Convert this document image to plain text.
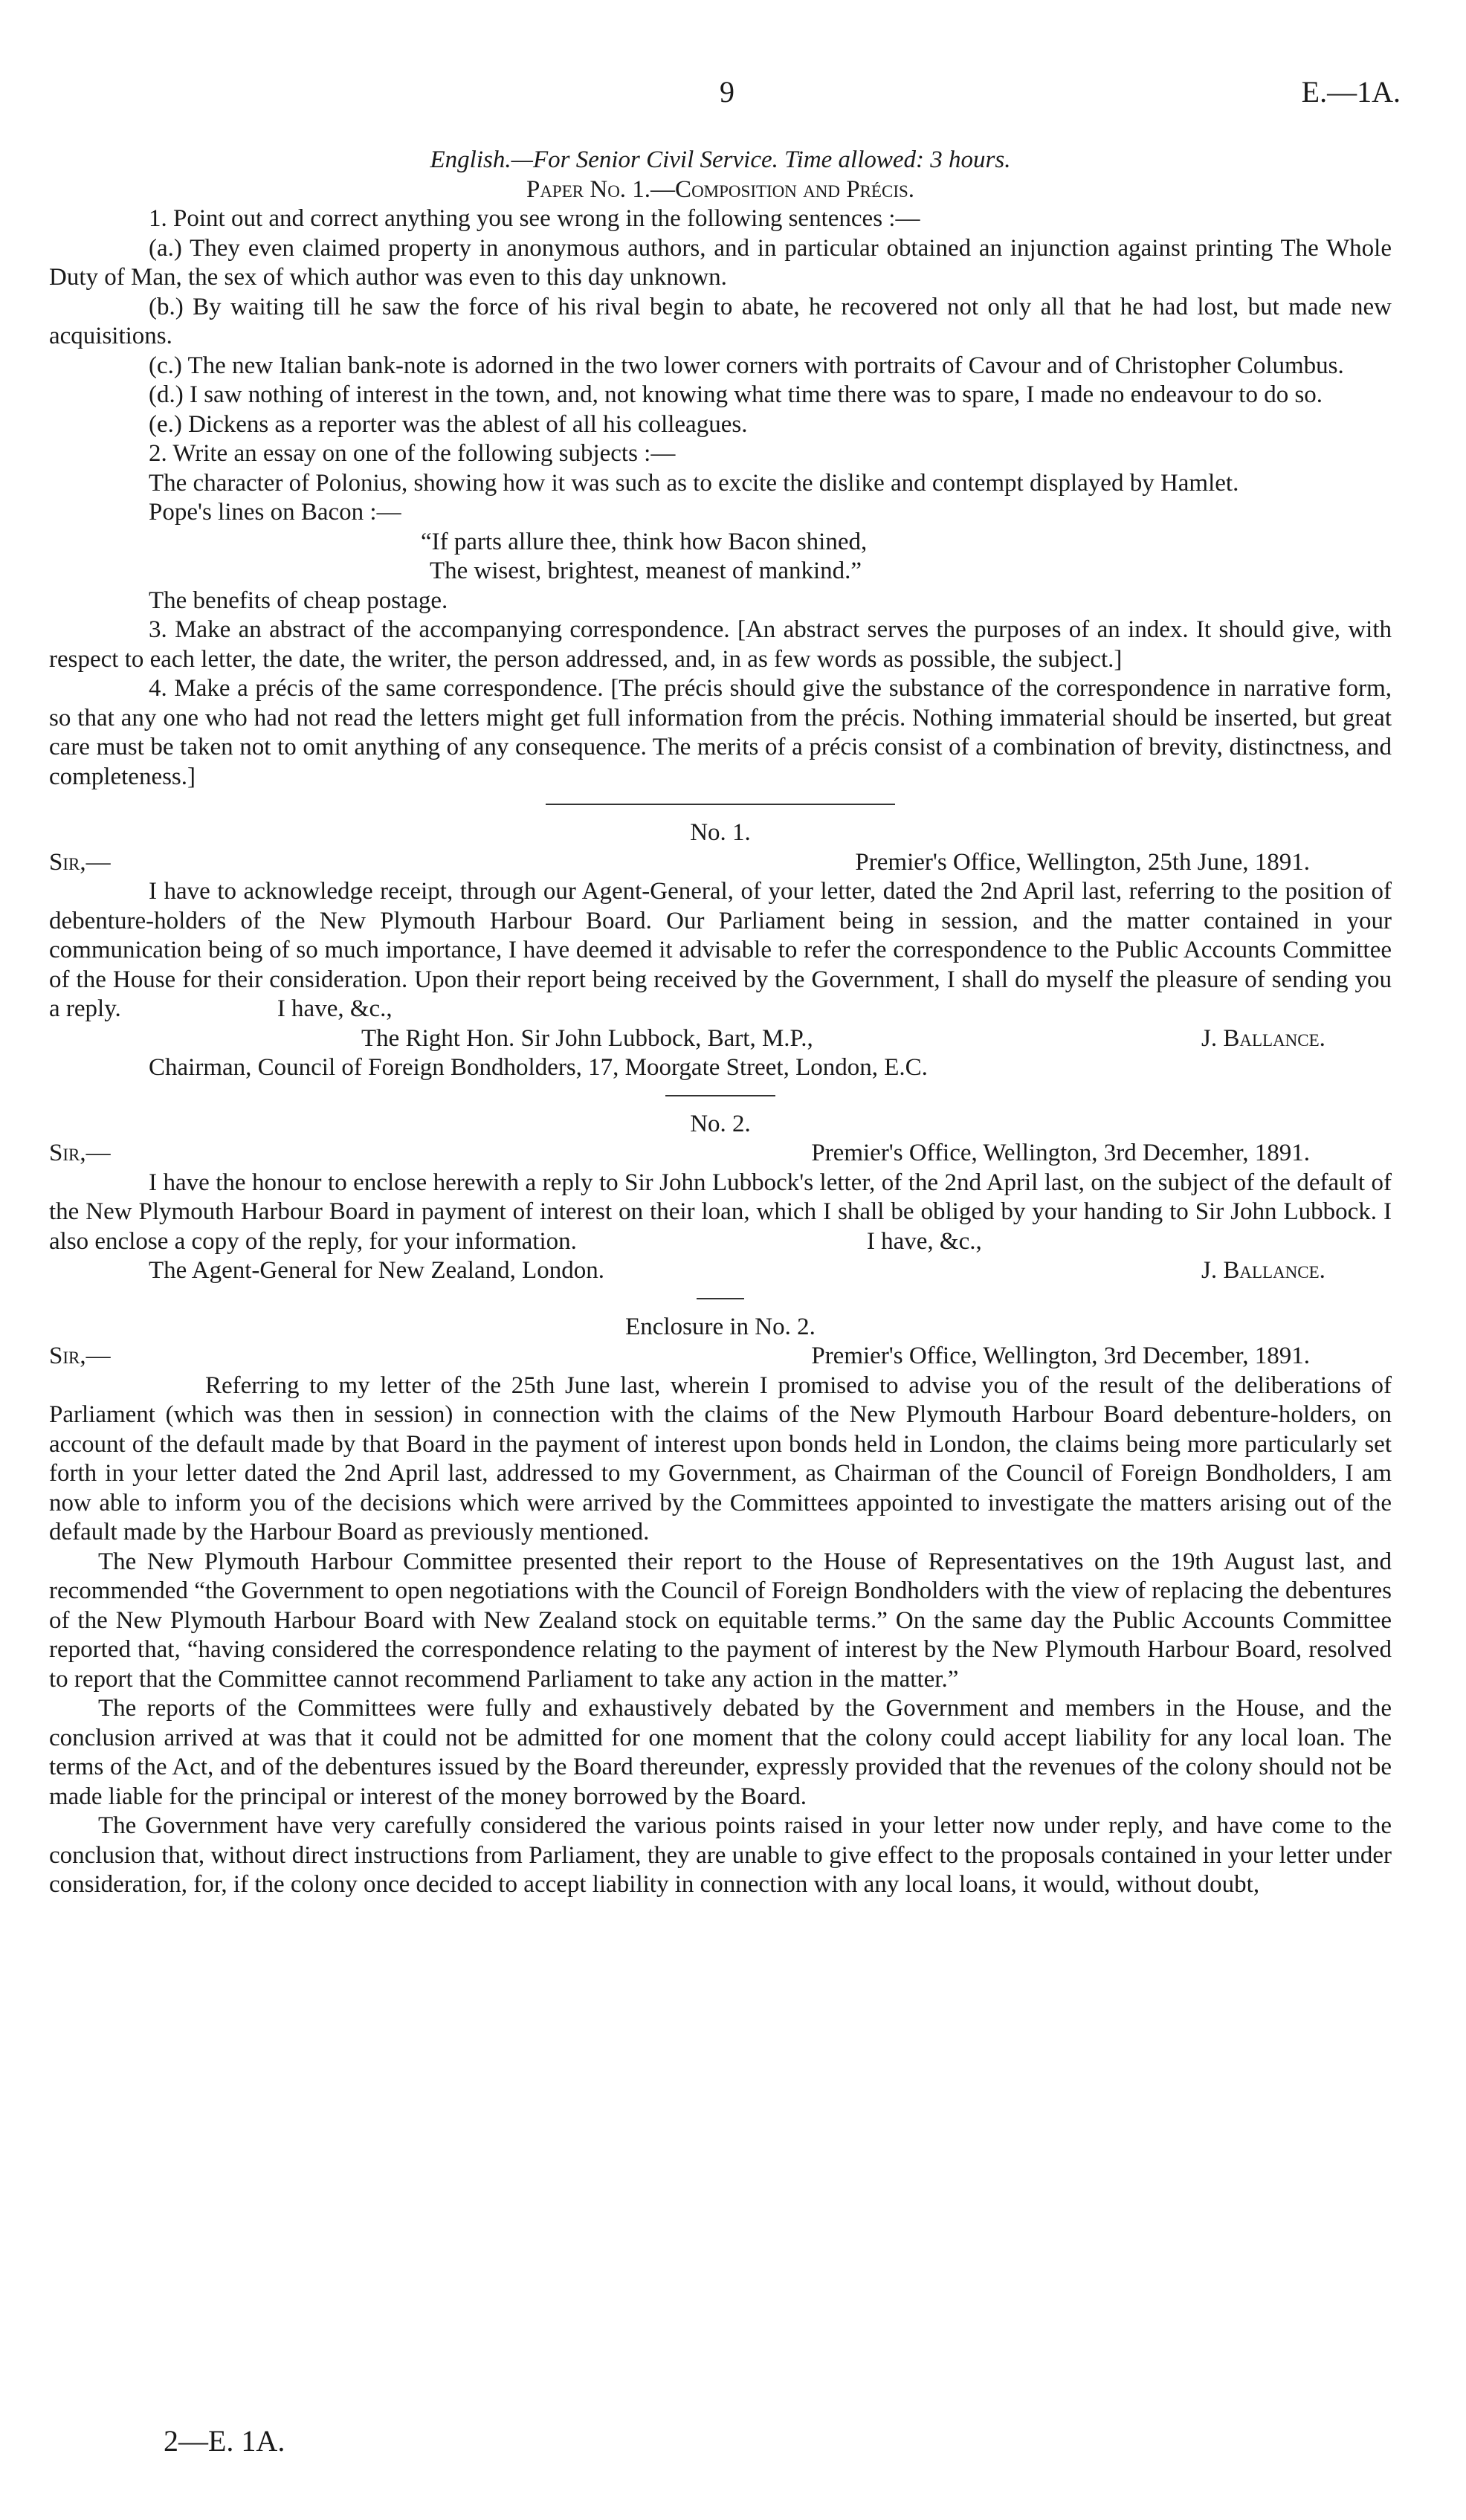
9	E.—1A.

English.—For Senior Civil Service. Time allowed: 3 hours.

Paper No. 1.—Composition and Précis.

1. Point out and correct anything you see wrong in the following sentences :—

(a.) They even claimed property in anonymous authors, and in particular obtained an injunction against printing The Whole Duty of Man, the sex of which author was even to this day unknown.

(b.) By waiting till he saw the force of his rival begin to abate, he recovered not only all that he had lost, but made new acquisitions.

(c.) The new Italian bank-note is adorned in the two lower corners with portraits of Cavour and of Christopher Columbus.

(d.) I saw nothing of interest in the town, and, not knowing what time there was to spare, I made no endeavour to do so.

(e.) Dickens as a reporter was the ablest of all his colleagues.

2. Write an essay on one of the following subjects :—

The character of Polonius, showing how it was such as to excite the dislike and contempt displayed by Hamlet.

Pope's lines on Bacon :—

“If parts allure thee, think how Bacon shined,

The wisest, brightest, meanest of mankind.”

The benefits of cheap postage.

3. Make an abstract of the accompanying correspondence. [An abstract serves the purposes of an index. It should give, with respect to each letter, the date, the writer, the person addressed, and, in as few words as possible, the subject.]

4. Make a précis of the same correspondence. [The précis should give the substance of the correspondence in narrative form, so that any one who had not read the letters might get full information from the précis. Nothing immaterial should be inserted, but great care must be taken not to omit anything of any consequence. The merits of a précis consist of a combination of brevity, distinctness, and completeness.]

No. 1.

Sir,—	Premier's Office, Wellington, 25th June, 1891.

I have to acknowledge receipt, through our Agent-General, of your letter, dated the 2nd April last, referring to the position of debenture-holders of the New Plymouth Harbour Board. Our Parliament being in session, and the matter contained in your communication being of so much importance, I have deemed it advisable to refer the correspondence to the Public Accounts Committee of the House for their consideration. Upon their report being received by the Government, I shall do myself the pleasure of sending you a reply.	I have, &c.,

The Right Hon. Sir John Lubbock, Bart, M.P.,	J. Ballance.

Chairman, Council of Foreign Bondholders, 17, Moorgate Street, London, E.C.

No. 2.

Sir,—	Premier's Office, Wellington, 3rd Decemher, 1891.

I have the honour to enclose herewith a reply to Sir John Lubbock's letter, of the 2nd April last, on the subject of the default of the New Plymouth Harbour Board in payment of interest on their loan, which I shall be obliged by your handing to Sir John Lubbock. I also enclose a copy of the reply, for your information.	I have, &c.,

The Agent-General for New Zealand, London.	J. Ballance.

Enclosure in No. 2.

Sir,—	Premier's Office, Wellington, 3rd December, 1891.

Referring to my letter of the 25th June last, wherein I promised to advise you of the result of the deliberations of Parliament (which was then in session) in connection with the claims of the New Plymouth Harbour Board debenture-holders, on account of the default made by that Board in the payment of interest upon bonds held in London, the claims being more particularly set forth in your letter dated the 2nd April last, addressed to my Government, as Chairman of the Council of Foreign Bondholders, I am now able to inform you of the decisions which were arrived by the Committees appointed to investigate the matters arising out of the default made by the Harbour Board as previously mentioned.

The New Plymouth Harbour Committee presented their report to the House of Representatives on the 19th August last, and recommended “the Government to open negotiations with the Council of Foreign Bondholders with the view of replacing the debentures of the New Plymouth Harbour Board with New Zealand stock on equitable terms.” On the same day the Public Accounts Committee reported that, “having considered the correspondence relating to the payment of interest by the New Plymouth Harbour Board, resolved to report that the Committee cannot recommend Parliament to take any action in the matter.”

The reports of the Committees were fully and exhaustively debated by the Government and members in the House, and the conclusion arrived at was that it could not be admitted for one moment that the colony could accept liability for any local loan. The terms of the Act, and of the debentures issued by the Board thereunder, expressly provided that the revenues of the colony should not be made liable for the principal or interest of the money borrowed by the Board.

The Government have very carefully considered the various points raised in your letter now under reply, and have come to the conclusion that, without direct instructions from Parliament, they are unable to give effect to the proposals contained in your letter under consideration, for, if the colony once decided to accept liability in connection with any local loans, it would, without doubt,

2—E. 1A.
